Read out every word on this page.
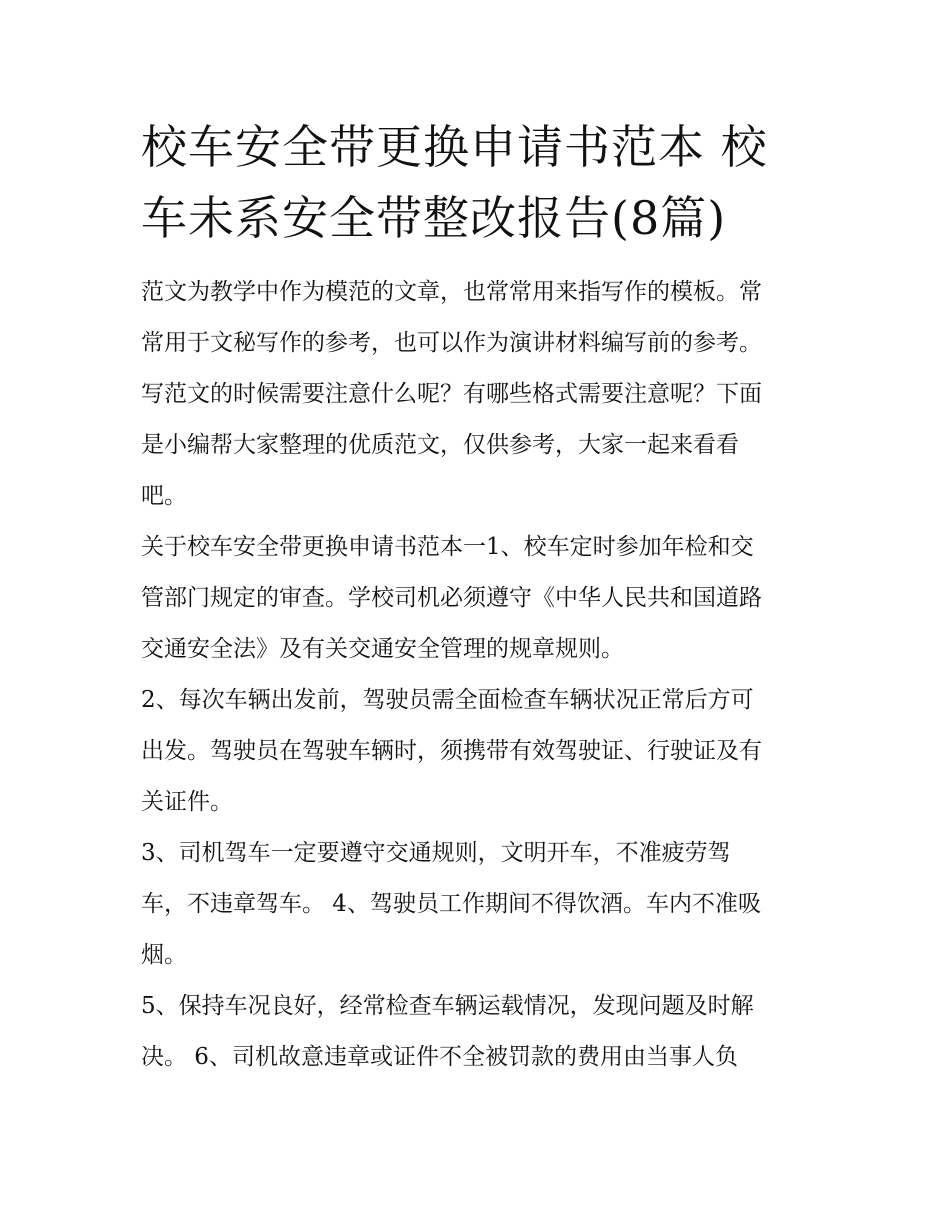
校车安全带更换申请书范本 校
车未系安全带整改报告(8篇)

范文为教学中作为模范的文章，也常常用来指写作的模板。常
常用于文秘写作的参考，也可以作为演讲材料编写前的参考。
写范文的时候需要注意什么呢？有哪些格式需要注意呢？下面
是小编帮大家整理的优质范文，仅供参考，大家一起来看看
吧。

关于校车安全带更换申请书范本一1、校车定时参加年检和交
管部门规定的审查。学校司机必须遵守《中华人民共和国道路
交通安全法》及有关交通安全管理的规章规则。

2、每次车辆出发前，驾驶员需全面检查车辆状况正常后方可
出发。驾驶员在驾驶车辆时，须携带有效驾驶证、行驶证及有
关证件。

3、司机驾车一定要遵守交通规则，文明开车，不准疲劳驾
车，不违章驾车。 4、驾驶员工作期间不得饮酒。车内不准吸
烟。

5、保持车况良好，经常检查车辆运载情况，发现问题及时解
决。 6、司机故意违章或证件不全被罚款的费用由当事人负
